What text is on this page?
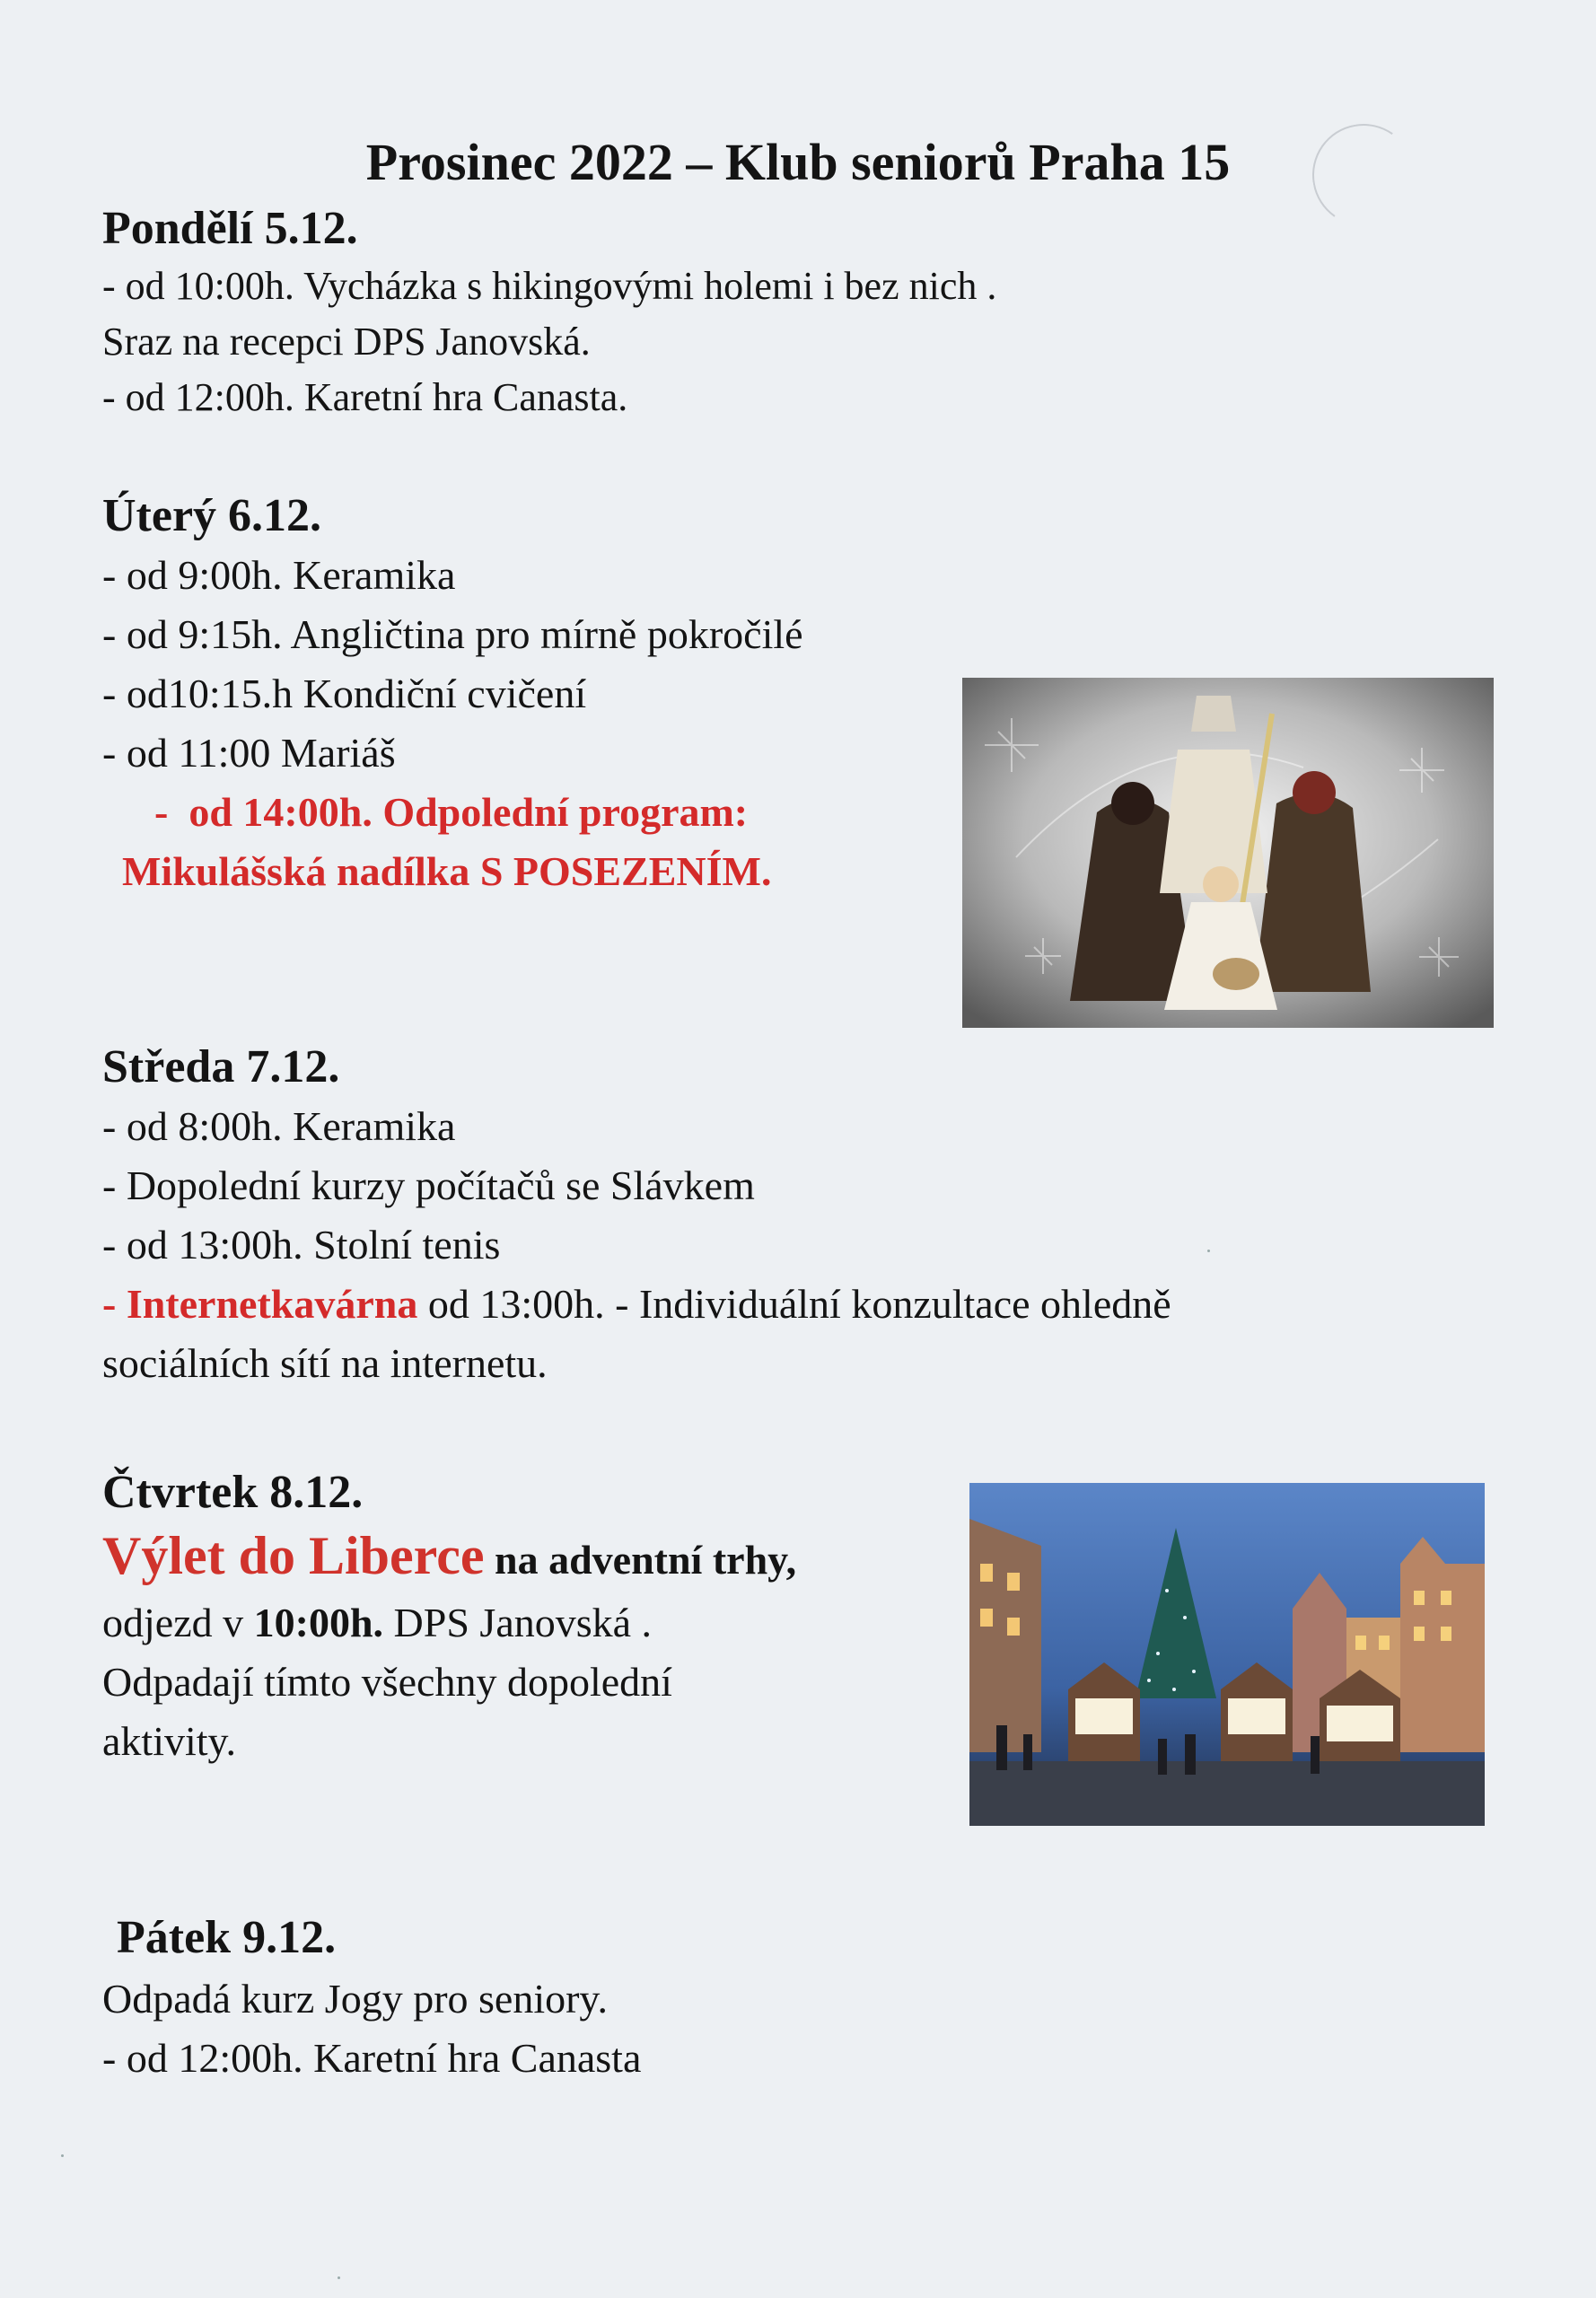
Prosinec 2022 – Klub seniorů Praha 15
Pondělí 5.12.
- od 10:00h. Vycházka s hikingovými holemi i bez nich .
Sraz na recepci DPS Janovská.
- od 12:00h. Karetní hra Canasta.
Úterý 6.12.
- od 9:00h. Keramika
- od 9:15h. Angličtina pro mírně pokročilé
- od10:15.h Kondiční cvičení
- od 11:00 Mariáš
- od 14:00h. Odpolední program:
Mikulášská nadílka S POSEZENÍM.
Středa 7.12.
- od 8:00h. Keramika
- Dopolední kurzy počítačů se Slávkem
- od 13:00h. Stolní tenis
- Internetkavárna od 13:00h. - Individuální konzultace ohledně
sociálních sítí na internetu.
Čtvrtek 8.12.
Výlet do Liberce na adventní trhy,
odjezd v 10:00h. DPS Janovská .
Odpadají tímto všechny dopolední
aktivity.
Pátek 9.12.
Odpadá kurz Jogy pro seniory.
- od 12:00h. Karetní hra Canasta
